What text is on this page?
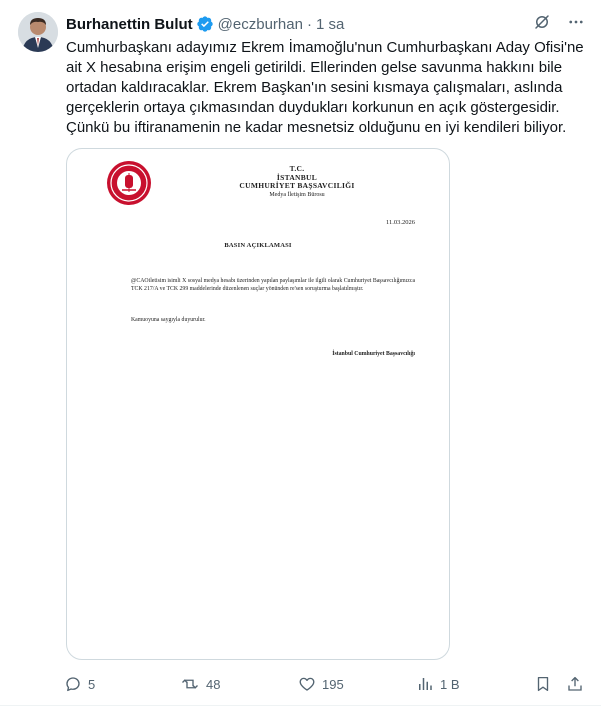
Burhanettin Bulut @eczburhan · 1 sa
Cumhurbaşkanı adayımız Ekrem İmamoğlu'nun Cumhurbaşkanı Aday Ofisi'ne ait X hesabına erişim engeli getirildi. Ellerinden gelse savunma hakkını bile ortadan kaldıracaklar. Ekrem Başkan'ın sesini kısmaya çalışmaları, aslında gerçeklerin ortaya çıkmasından duydukları korkunun en açık göstergesidir. Çünkü bu iftiranamenin ne kadar mesnetsiz olduğunu en iyi kendileri biliyor.
T.C.
İSTANBUL
CUMHURİYET BAŞSAVCILIĞI
Medya İletişim Bürosu
11.03.2026
BASIN AÇIKLAMASI
@CAOiletisim isimli X sosyal medya hesabı üzerinden yapılan paylaşımlar ile ilgili olarak Cumhuriyet Başsavcılığımızca TCK 217/A ve TCK 299 maddelerinde düzenlenen suçlar yönünden re'sen soruşturma başlatılmıştır.
Kamuoyuna saygıyla duyurulur.
İstanbul Cumhuriyet Başsavcılığı
5	48	195	1 B
